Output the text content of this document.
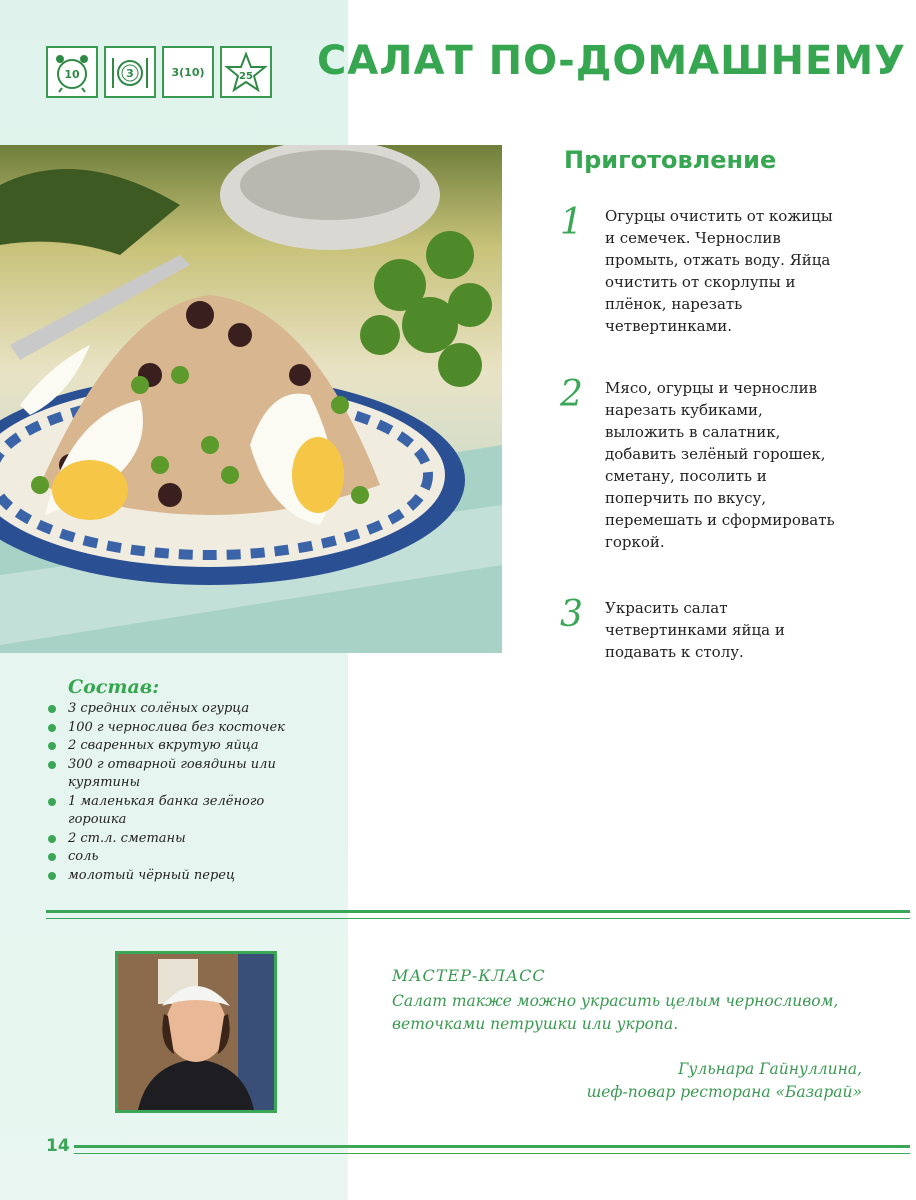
10	3	3(10)	25 САЛАТ ПО-ДОМАШНЕМУ
Приготовление
1 Огурцы очистить от кожицы и семечек. Чернослив промыть, отжать воду. Яйца очистить от скорлупы и плёнок, нарезать четвертинками.
2 Мясо, огурцы и чернослив нарезать кубиками, выложить в салатник, добавить зелёный горошек, сметану, посолить и поперчить по вкусу, перемешать и сформировать горкой.
3 Украсить салат четвертинками яйца и подавать к столу.
Состав:
3 средних солёных огурца
100 г чернослива без косточек
2 сваренных вкрутую яйца
300 г отварной говядины или курятины
1 маленькая банка зелёного горошка
2 ст.л. сметаны
соль
молотый чёрный перец
МАСТЕР-КЛАСС
Салат также можно украсить целым черносливом, веточками петрушки или укропа.
Гульнара Гайнуллина,
шеф-повар ресторана «Базарай»
14
